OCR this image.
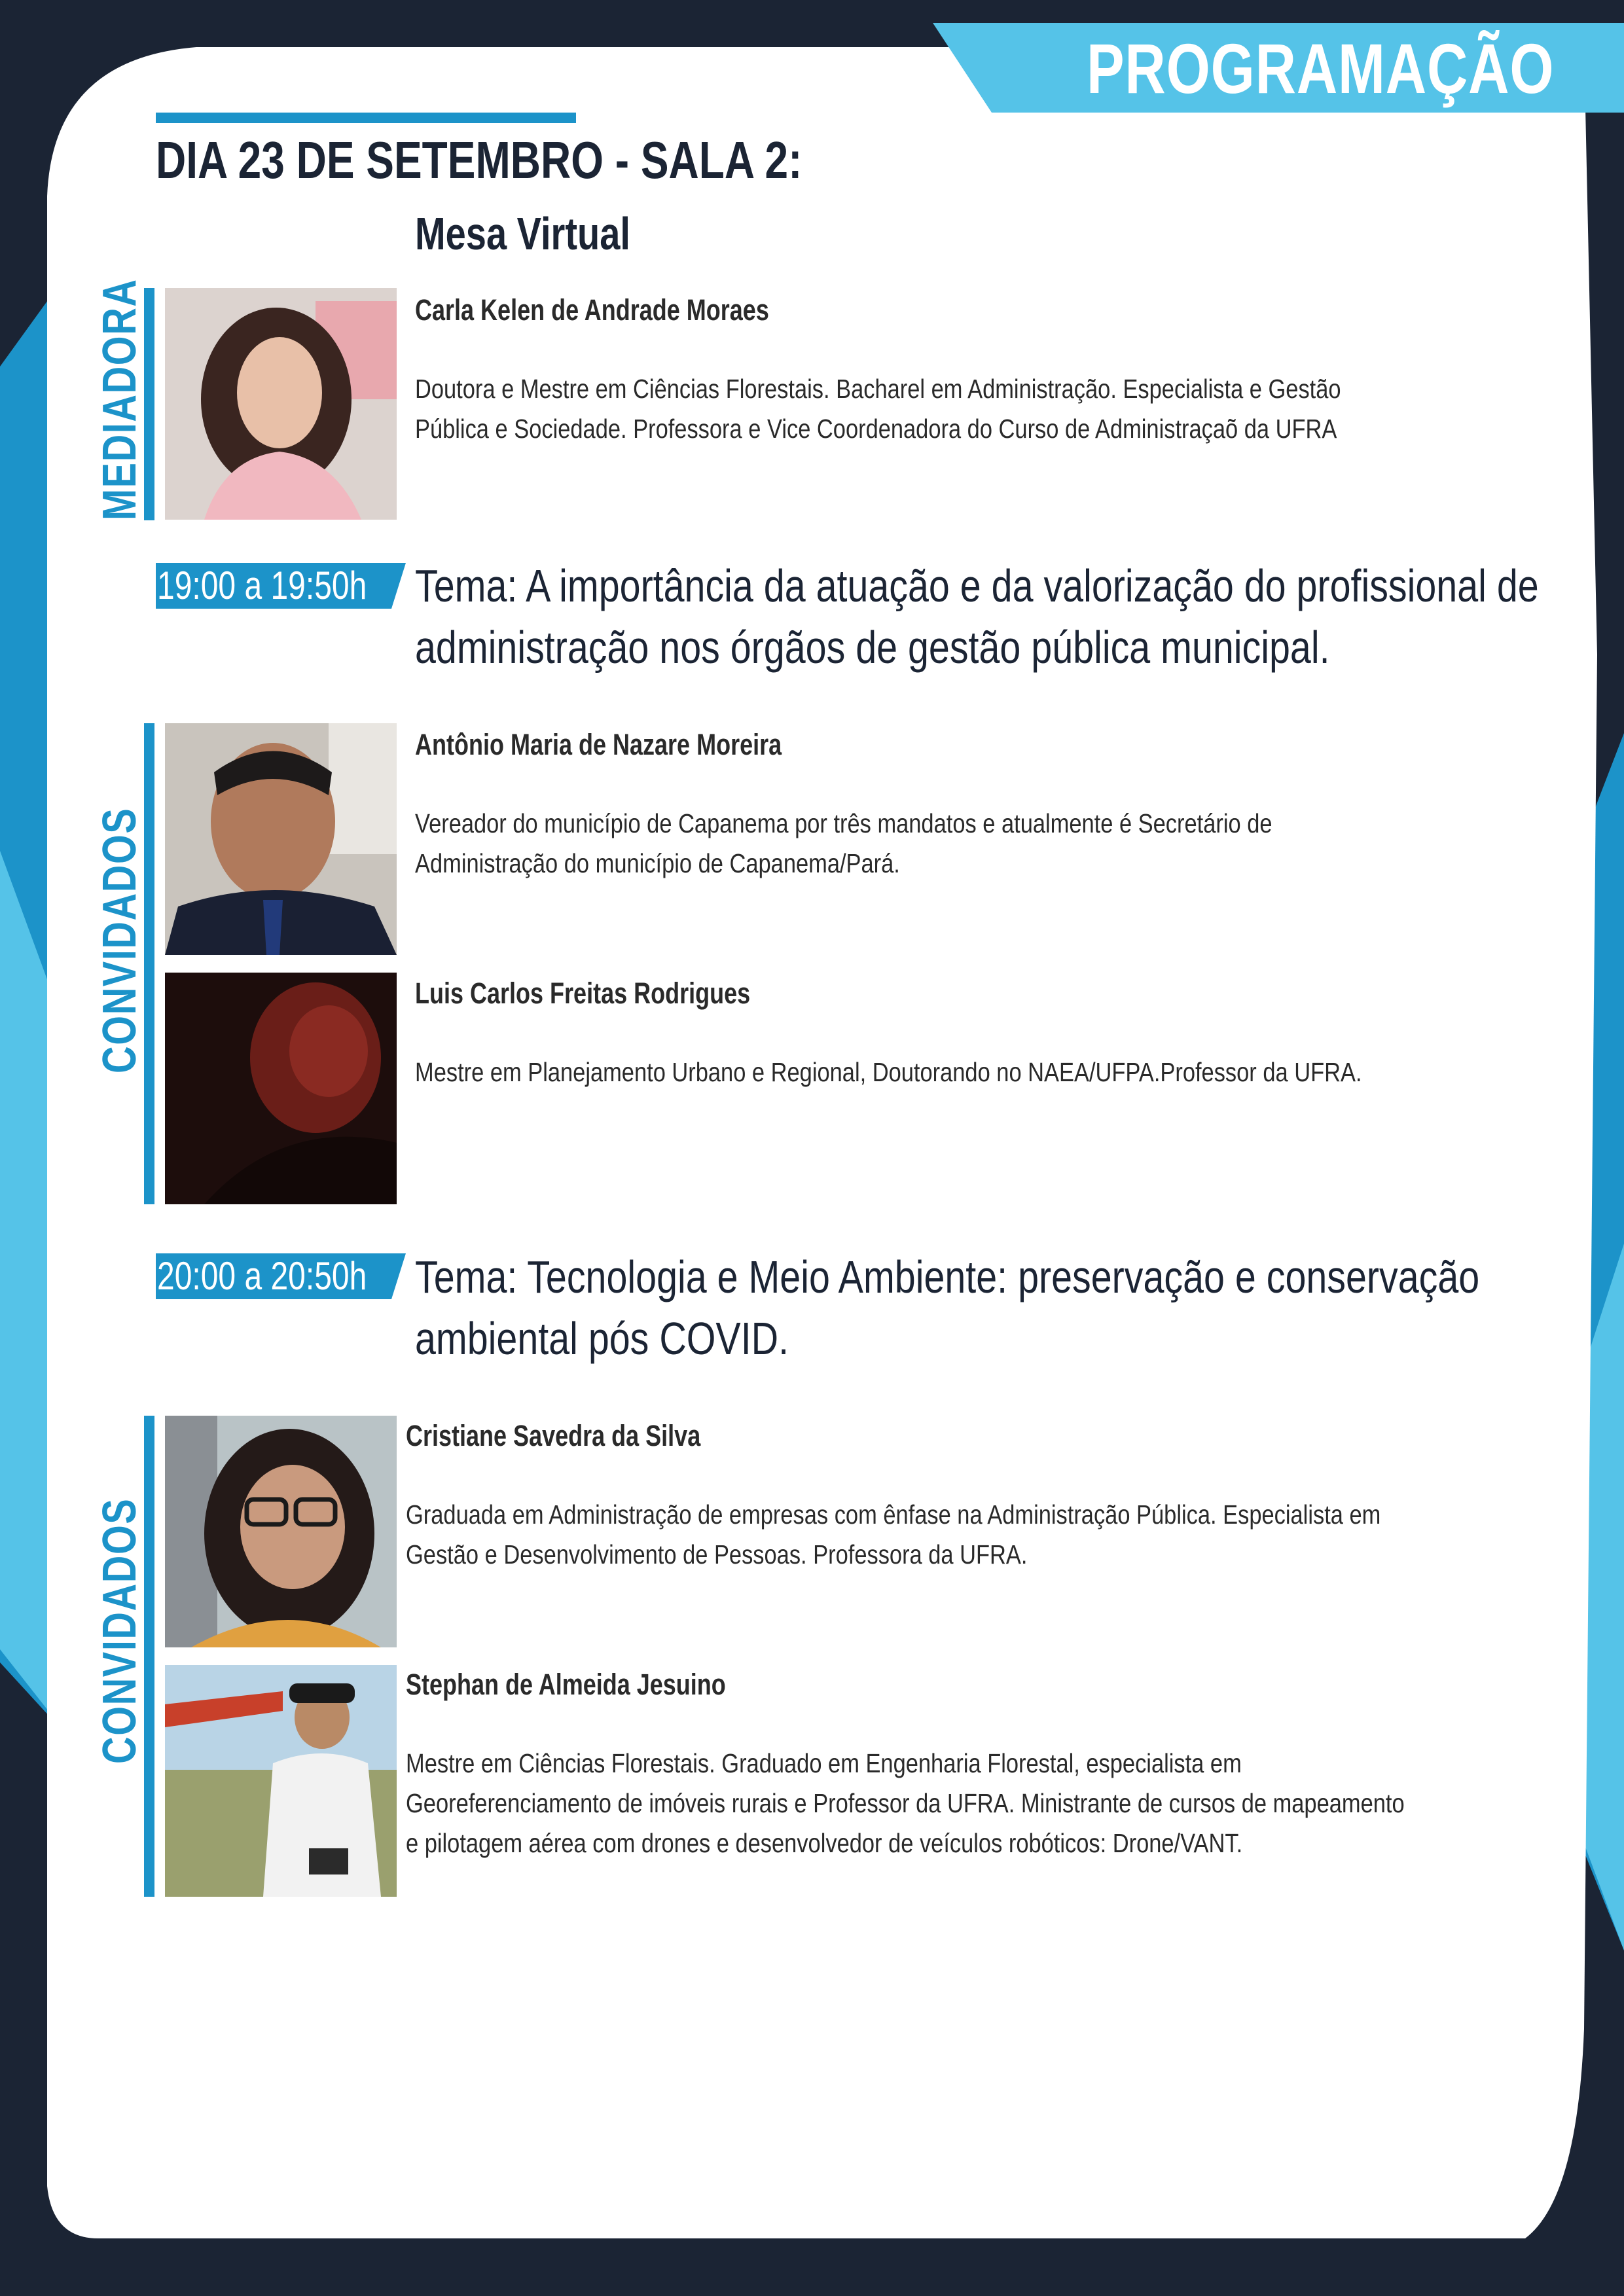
PROGRAMAÇÃO
DIA 23 DE SETEMBRO - SALA 2:
Mesa Virtual
MEDIADORA	Carla Kelen de Andrade Moraes
Doutora e Mestre em Ciências Florestais. Bacharel em Administração. Especialista e Gestão
Pública e Sociedade. Professora e Vice Coordenadora do Curso de Administraçaõ da UFRA
19:00 a 19:50h	Tema: A importância da atuação e da valorização do profissional de
administração nos órgãos de gestão pública municipal.
CONVIDADOS
Antônio Maria de Nazare Moreira
Vereador do município de Capanema por três mandatos e atualmente é Secretário de
Administração do município de Capanema/Pará.
Luis Carlos Freitas Rodrigues
Mestre em Planejamento Urbano e Regional, Doutorando no NAEA/UFPA.Professor da UFRA.
20:00 a 20:50h	Tema: Tecnologia e Meio Ambiente: preservação e conservação
ambiental pós COVID.
CONVIDADOS
Cristiane Savedra da Silva
Graduada em Administração de empresas com ênfase na Administração Pública. Especialista em
Gestão e Desenvolvimento de Pessoas. Professora da UFRA.
Stephan de Almeida Jesuino
Mestre em Ciências Florestais. Graduado em Engenharia Florestal, especialista em
Georeferenciamento de imóveis rurais e Professor da UFRA. Ministrante de cursos de mapeamento
e pilotagem aérea com drones e desenvolvedor de veículos robóticos: Drone/VANT.
